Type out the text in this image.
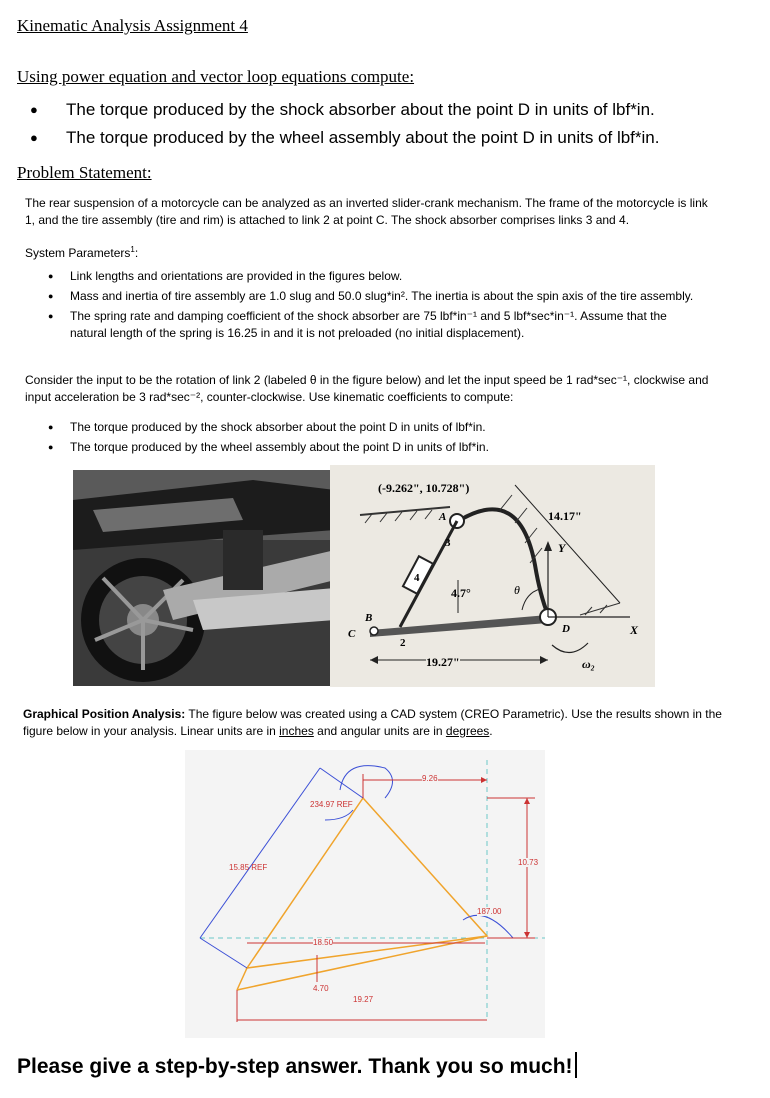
Kinematic Analysis Assignment 4
Using power equation and vector loop equations compute:
● The torque produced by the shock absorber about the point D in units of lbf*in.
● The torque produced by the wheel assembly about the point D in units of lbf*in.
Problem Statement:
The rear suspension of a motorcycle can be analyzed as an inverted slider-crank mechanism. The frame of the motorcycle is link 1, and the tire assembly (tire and rim) is attached to link 2 at point C. The shock absorber comprises links 3 and 4.
System Parameters$^1$:
● Link lengths and orientations are provided in the figures below.
● Mass and inertia of tire assembly are 1.0 slug and 50.0 slug*in². The inertia is about the spin axis of the tire assembly.
● The spring rate and damping coefficient of the shock absorber are 75 lbf*in⁻¹ and 5 lbf*sec*in⁻¹. Assume that the natural length of the spring is 16.25 in and it is not preloaded (no initial displacement).
Consider the input to be the rotation of link 2 (labeled θ in the figure below) and let the input speed be 1 rad*sec⁻¹, clockwise and input acceleration be 3 rad*sec⁻², counter-clockwise. Use kinematic coefficients to compute:
● The torque produced by the shock absorber about the point D in units of lbf*in.
● The torque produced by the wheel assembly about the point D in units of lbf*in.
(-9.262", 10.728")
14.17"
4.7°
19.27"
A
B
C	D	X
Y
2
3
4
θ
ω₂
Graphical Position Analysis: The figure below was created using a CAD system (CREO Parametric). Use the results shown in the figure below in your analysis. Linear units are in inches and angular units are in degrees.
9.26
234.97 REF
15.85 REF
10.73
187.00
18.50
4.70
19.27
Please give a step-by-step answer. Thank you so much!
